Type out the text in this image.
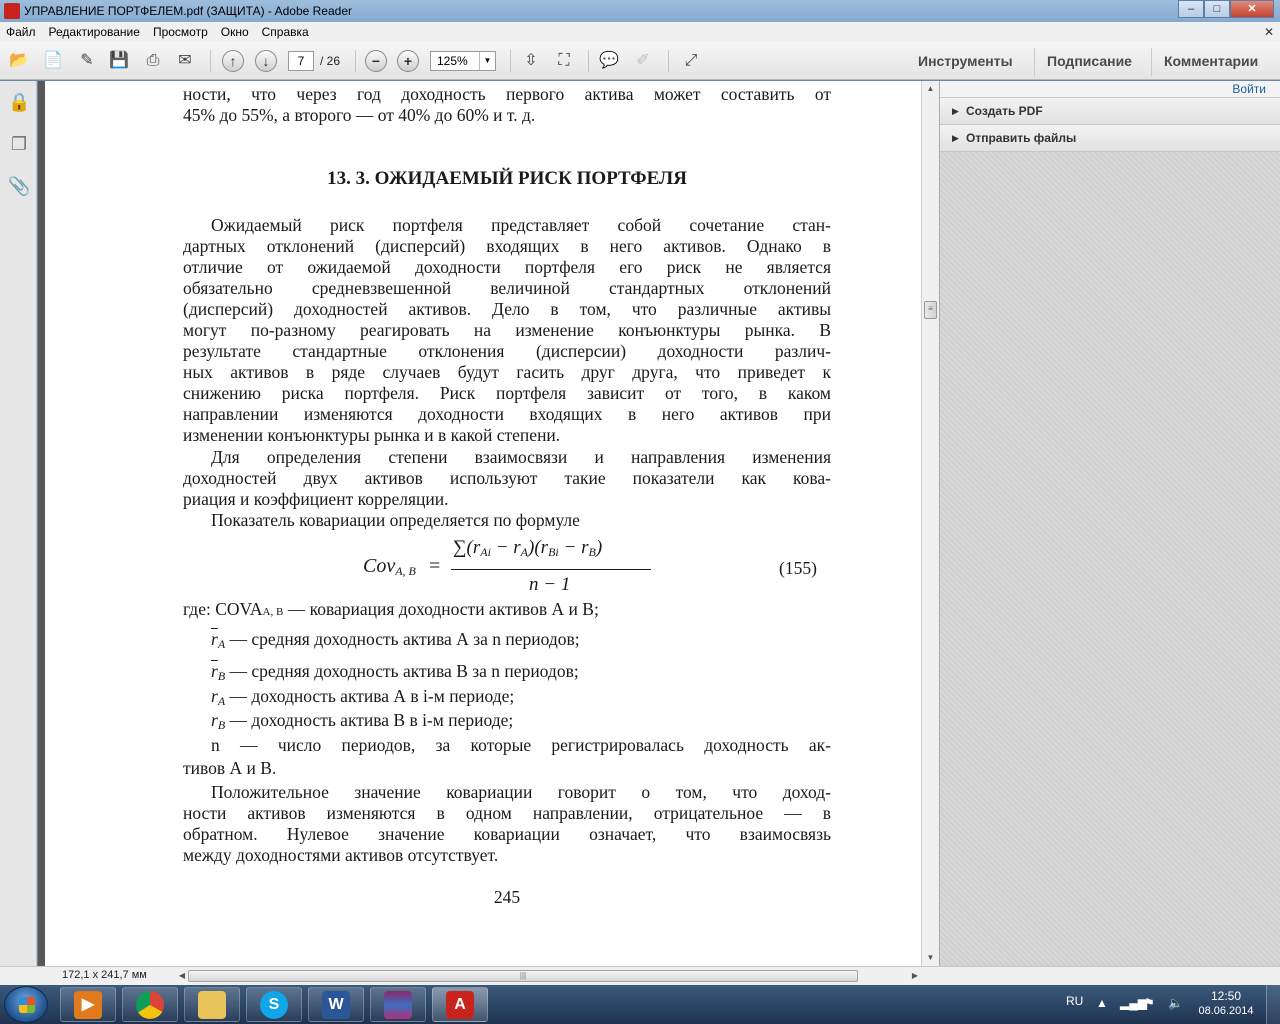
УПРАВЛЕНИЕ ПОРТФЕЛЕМ.pdf (ЗАЩИТА) - Adobe Reader	–	□	✕
Файл Редактирование Просмотр Окно Справка	✕
📂 📄 ✎ 💾 ⎙ ✉	↑	↓	7	/ 26	−	+	125%	▼ ⇳	⛶	💬 ✐ ⤢	Инструменты Подписание Комментарии
🔒
❐
📎
ности, что через год доходность первого актива может составить от
45% до 55%, а второго — от 40% до 60% и т. д.
13. 3. ОЖИДАЕМЫЙ РИСК ПОРТФЕЛЯ
Ожидаемый риск портфеля представляет собой сочетание стан-
дартных отклонений (дисперсий) входящих в него активов. Однако в
отличие от ожидаемой доходности портфеля его риск не является
обязательно средневзвешенной величиной стандартных отклонений
(дисперсий) доходностей активов. Дело в том, что различные активы
могут по-разному реагировать на изменение конъюнктуры рынка. В
результате стандартные отклонения (дисперсии) доходности различ-
ных активов в ряде случаев будут гасить друг друга, что приведет к
снижению риска портфеля. Риск портфеля зависит от того, в каком
направлении изменяются доходности входящих в него активов при
изменении конъюнктуры рынка и в какой степени.
Для определения степени взаимосвязи и направления изменения
доходностей двух активов используют такие показатели как кова-
риация и коэффициент корреляции.
Показатель ковариации определяется по формуле
Cov$_{A, B}$ =
$\sum(r_{Ai} - r_A)(r_{Bi} - r_B)$
n − 1
(155)
где: COVAA, B — ковариация доходности активов А и В;
$\overline{r}_A$ — средняя доходность актива А за n периодов;
$\overline{r}_B$ — средняя доходность актива В за n периодов;
$r_A$ — доходность актива А в i-м периоде;
$r_B$ — доходность актива В в i-м периоде;
n — число периодов, за которые регистрировалась доходность ак-
тивов А и В.
Положительное значение ковариации говорит о том, что доход-
ности активов изменяются в одном направлении, отрицательное — в
обратном. Нулевое значение ковариации означает, что взаимосвязь
между доходностями активов отсутствует.
245
▲
≡
▼
Войти
▶ Создать PDF
▶ Отправить файлы
172,1 x 241,7 мм	◀	|||	▶
▶	S	W	A	RU ▲ ▂▄▆
⚑ 🔈	12:50
08.06.2014
